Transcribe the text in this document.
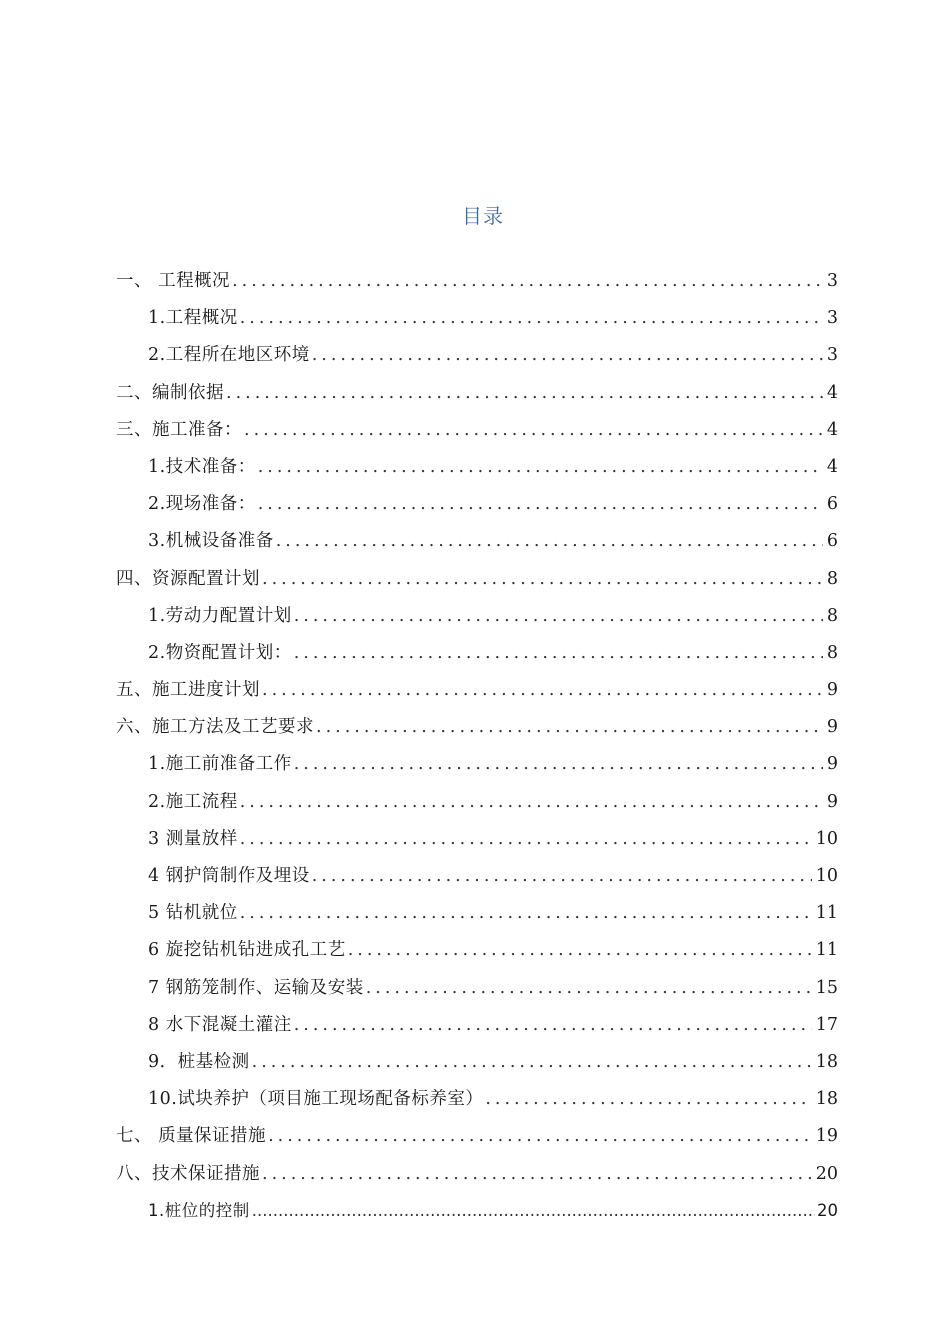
目录
一、 工程概况 .....	3
1.工程概况 .....	3
2.工程所在地区环境 .....	3
二、编制依据 .....	4
三、施工准备： .....	4
1.技术准备： .....	4
2.现场准备： .....	6
3.机械设备准备 .....	6
四、资源配置计划 .....	8
1.劳动力配置计划 .....	8
2.物资配置计划： .....	8
五、施工进度计划 .....	9
六、施工方法及工艺要求 .....	9
1.施工前准备工作 .....	9
2.施工流程 .....	9
3 测量放样 .....	10
4 钢护筒制作及埋设 .....	10
5 钻机就位 .....	11
6 旋挖钻机钻进成孔工艺 .....	11
7 钢筋笼制作、运输及安装 .....	15
8 水下混凝土灌注 .....	17
9．桩基检测 .....	18
10.试块养护（项目施工现场配备标养室） .....	18
七、 质量保证措施 .....	19
八、技术保证措施 .....	20
1.桩位的控制 .....	20
